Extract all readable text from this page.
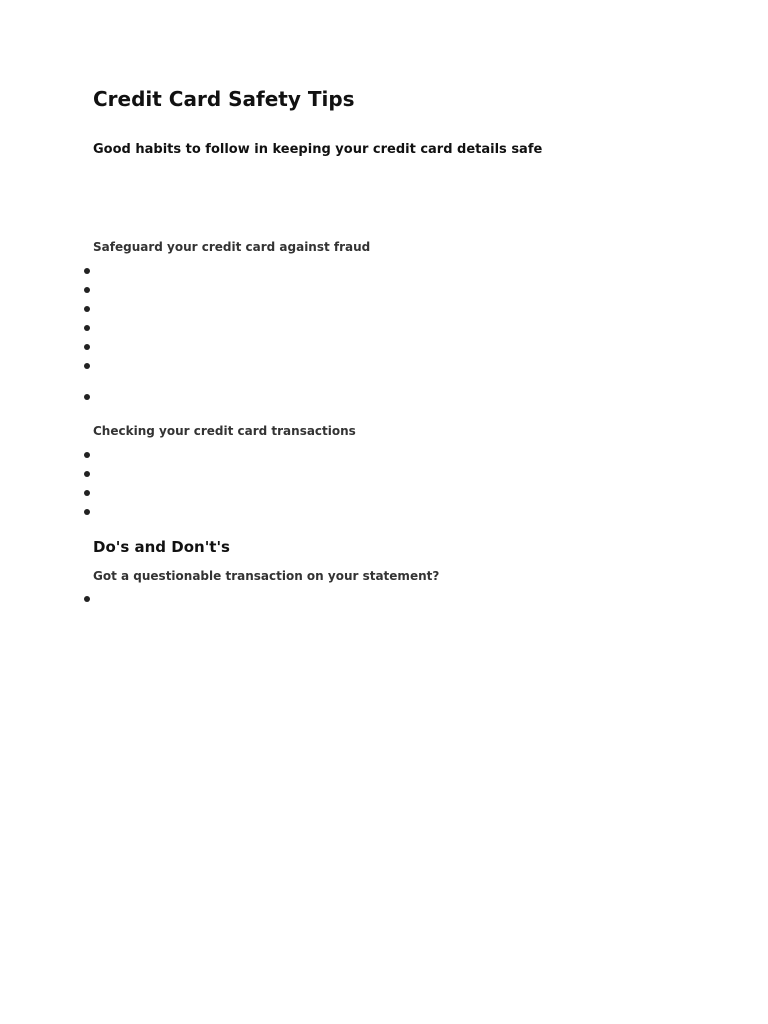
Credit Card Safety Tips
Good habits to follow in keeping your credit card details safe
Safeguard your credit card against fraud
Checking your credit card transactions
Do's and Don't's
Got a questionable transaction on your statement?
